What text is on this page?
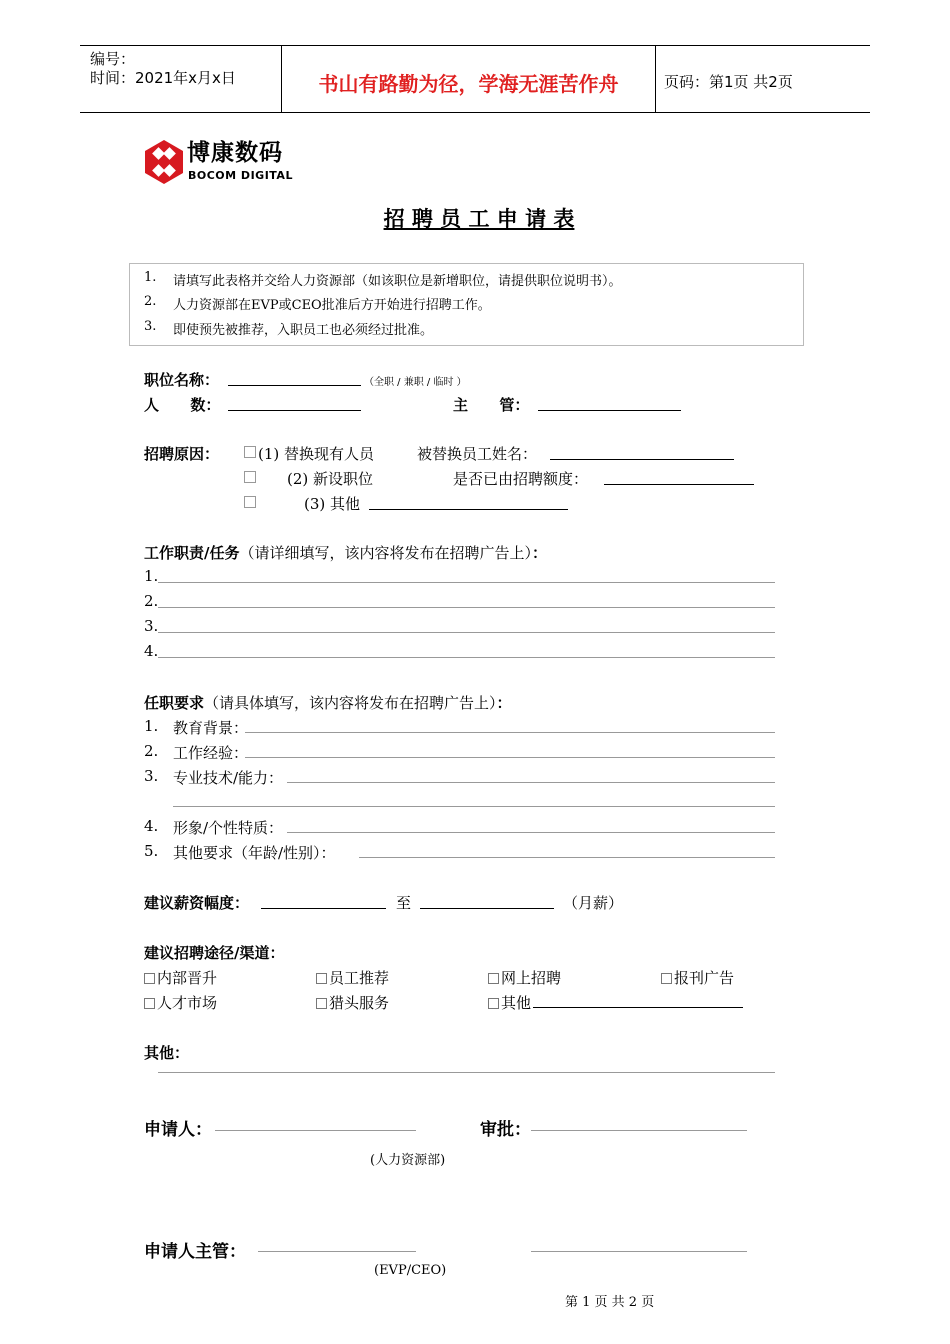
编号：
时间：2021年x月x日	书山有路勤为径，学海无涯苦作舟	页码：第1页 共2页
博康数码
BOCOM DIGITAL
招 聘 员 工 申 请 表
1. 请填写此表格并交给人力资源部（如该职位是新增职位，请提供职位说明书）。
2. 人力资源部在EVP或CEO批准后方开始进行招聘工作。
3. 即使预先被推荐，入职员工也必须经过批准。
职位名称：	（全职 / 兼职 / 临时 ）
人      数：	主      管：
招聘原因：	(1) 替换现有人员	被替换员工姓名：
(2) 新设职位	是否已由招聘额度：
(3) 其他
工作职责/任务（请详细填写，该内容将发布在招聘广告上）：
1.
2.
3.
4.
任职要求（请具体填写，该内容将发布在招聘广告上）：
1. 教育背景：
2. 工作经验：
3. 专业技术/能力：
4. 形象/个性特质：
5. 其他要求（年龄/性别）：
建议薪资幅度：	至	（月薪）
建议招聘途径/渠道：
内部晋升	员工推荐	网上招聘	报刊广告
人才市场	猎头服务	其他
其他：
申请人：	审批：
(人力资源部)
申请人主管：
(EVP/CEO)
第 1 页 共 2 页
